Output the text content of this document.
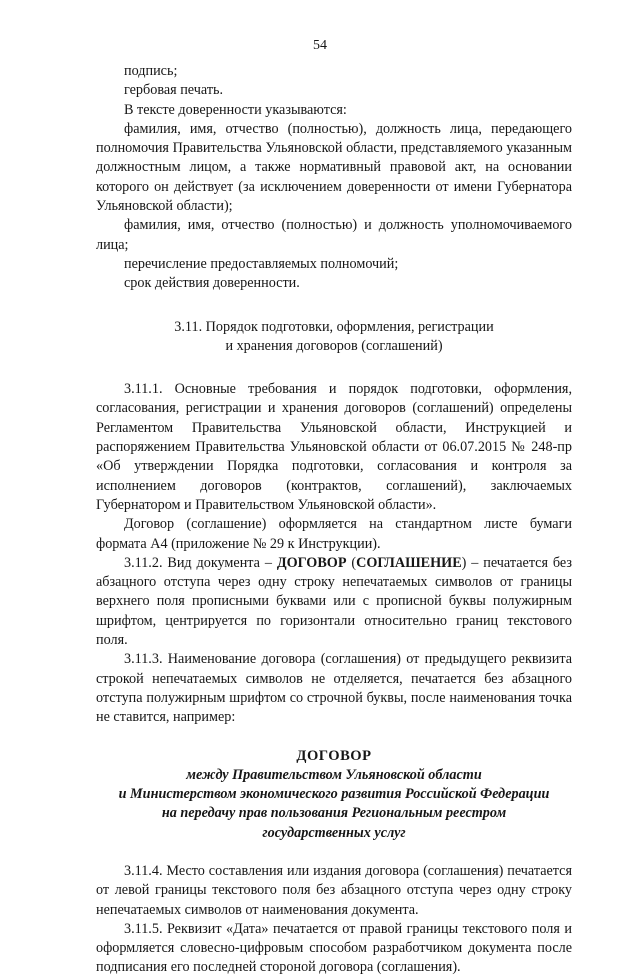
54

подпись;

гербовая печать.

В тексте доверенности указываются:

фамилия, имя, отчество (полностью), должность лица, передающего полномочия Правительства Ульяновской области, представляемого указанным должностным лицом, а также нормативный правовой акт, на основании которого он действует (за исключением доверенности от имени Губернатора Ульяновской области);

фамилия, имя, отчество (полностью) и должность уполномочиваемого лица;

перечисление предоставляемых полномочий;

срок действия доверенности.

3.11. Порядок подготовки, оформления, регистрации

и хранения договоров (соглашений)

3.11.1. Основные требования и порядок подготовки, оформления, согласования, регистрации и хранения договоров (соглашений) определены Регламентом Правительства Ульяновской области, Инструкцией и распоряжением Правительства Ульяновской области от 06.07.2015 № 248-пр «Об утверждении Порядка подготовки, согласования и контроля за исполнением договоров (контрактов, соглашений), заключаемых Губернатором и Правительством Ульяновской области».

Договор (соглашение) оформляется на стандартном листе бумаги формата А4 (приложение № 29 к Инструкции).

3.11.2. Вид документа – ДОГОВОР (СОГЛАШЕНИЕ) – печатается без абзацного отступа через одну строку непечатаемых символов от границы верхнего поля прописными буквами или с прописной буквы полужирным шрифтом, центрируется по горизонтали относительно границ текстового поля.

3.11.3. Наименование договора (соглашения) от предыдущего реквизита строкой непечатаемых символов не отделяется, печатается без абзацного отступа полужирным шрифтом со строчной буквы, после наименования точка не ставится, например:

ДОГОВОР

между Правительством Ульяновской области

и Министерством экономического развития Российской Федерации

на передачу прав пользования Региональным реестром

государственных услуг

3.11.4. Место составления или издания договора (соглашения) печатается от левой границы текстового поля без абзацного отступа через одну строку непечатаемых символов от наименования документа.

3.11.5. Реквизит «Дата» печатается от правой границы текстового поля и оформляется словесно-цифровым способом разработчиком документа после подписания его последней стороной договора (соглашения).
